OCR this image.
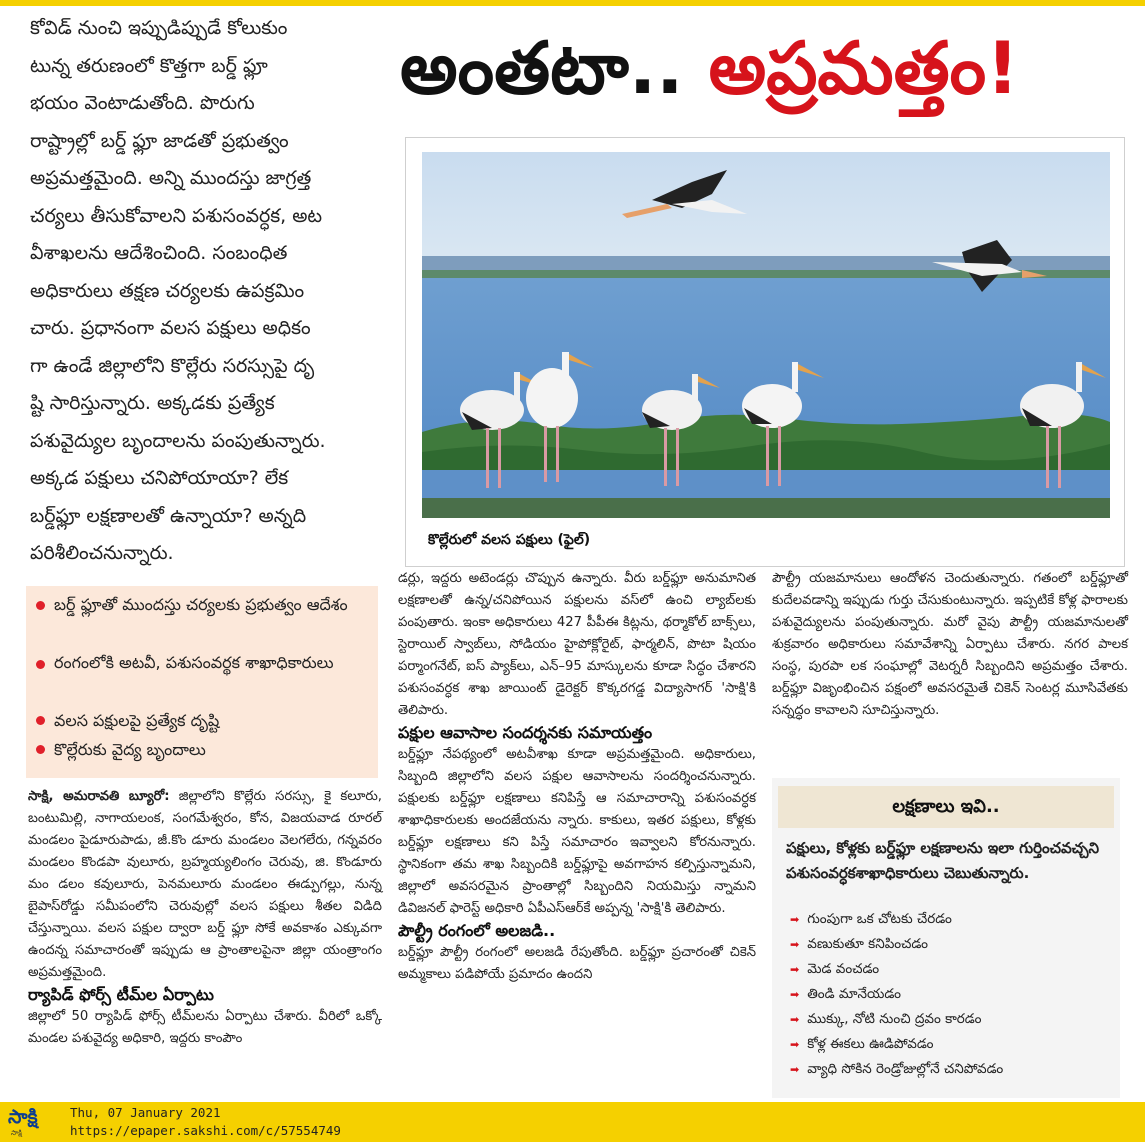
కోవిడ్ నుంచి ఇప్పుడిప్పుడే కోలుకుం
టున్న తరుణంలో కొత్తగా బర్డ్ ఫ్లూ
భయం వెంటాడుతోంది. పొరుగు
రాష్ట్రాల్లో బర్డ్ ఫ్లూ జాడతో ప్రభుత్వం
అప్రమత్తమైంది. అన్ని ముందస్తు జాగ్రత్త
చర్యలు తీసుకోవాలని పశుసంవర్ధక, అట
వీశాఖలను ఆదేశించింది. సంబంధిత
అధికారులు తక్షణ చర్యలకు ఉపక్రమిం
చారు. ప్రధానంగా వలస పక్షులు అధికం
గా ఉండే జిల్లాలోని కొల్లేరు సరస్సుపై దృ
ష్టి సారిస్తున్నారు. అక్కడకు ప్రత్యేక
పశువైద్యుల బృందాలను పంపుతున్నారు.
అక్కడ పక్షులు చనిపోయాయా? లేక
బర్డ్‌ఫ్లూ లక్షణాలతో ఉన్నాయా? అన్నది
పరిశీలించనున్నారు.
అంతటా.. అప్రమత్తం!
కొల్లేరులో వలస పక్షులు (ఫైల్)
బర్డ్ ఫ్లూతో ముందస్తు చర్యలకు ప్రభుత్వం ఆదేశం
రంగంలోకి అటవీ, పశుసంవర్థక శాఖాధికారులు
వలస పక్షులపై ప్రత్యేక దృష్టి
కొల్లేరుకు వైద్య బృందాలు

సాక్షి, అమరావతి బ్యూరో: జిల్లాలోని కొల్లేరు సరస్సు, కై కలూరు, బంటుమిల్లి, నాగాయలంక, సంగమేశ్వరం, కోన, విజయవాడ రూరల్ మండలం పైడూరుపాడు, జీ.కొం డూరు మండలం వెలగలేరు, గన్నవరం మండలం కొండపా వులూరు, బ్రహ్మయ్యలింగం చెరువు, జి. కొండూరు మం డలం కవులూరు, పెనమలూరు మండలం ఈడ్పుగల్లు, నున్న బైపాస్‌రోడ్డు సమీపంలోని చెరువుల్లో వలస పక్షులు శీతల విడిది చేస్తున్నాయి. వలస పక్షుల ద్వారా బర్డ్ ఫ్లూ సోకే అవకాశం ఎక్కువగా ఉందన్న సమాచారంతో ఇప్పుడు ఆ ప్రాంతాలపైనా జిల్లా యంత్రాంగం అప్రమత్తమైంది.

ర్యాపిడ్ ఫోర్స్ టీమ్‌ల ఏర్పాటు

జిల్లాలో 50 ర్యాపిడ్ ఫోర్స్ టీమ్‌లను ఏర్పాటు చేశారు. వీరిలో ఒక్కో మండల పశువైద్య అధికారి, ఇద్దరు కాంపౌం

డర్లు, ఇద్దరు అటెండర్లు చొప్పున ఉన్నారు. వీరు బర్డ్‌ఫ్లూ అనుమానిత లక్షణాలతో ఉన్న/చనిపోయిన పక్షులను వస్‌లో ఉంచి ల్యాబ్‌లకు పంపుతారు. ఇంకా అధికారులు 427 పీపీఈ కిట్లను, థర్మాకోల్ బాక్స్‌లు, స్టెరాయిల్ స్వాబ్‌లు, సోడియం హైపోక్లోరైట్, ఫార్మలిన్, పొటా షియం పర్మాంగనేట్, ఐస్ ప్యాక్‌లు, ఎన్–95 మాస్కులను కూడా సిద్ధం చేశారని పశుసంవర్ధక శాఖ జాయింట్ డైరెక్టర్ కొక్కరగడ్డ విద్యాసాగర్ 'సాక్షి'కి తెలిపారు.

పక్షుల ఆవాసాల సందర్శనకు సమాయత్తం

బర్డ్‌ఫ్లూ నేపథ్యంలో అటవీశాఖ కూడా అప్రమత్తమైంది. అధికారులు, సిబ్బంది జిల్లాలోని వలస పక్షుల ఆవాసాలను సందర్శించనున్నారు. పక్షులకు బర్డ్‌ఫ్లూ లక్షణాలు కనిపిస్తే ఆ సమాచారాన్ని పశుసంవర్ధక శాఖాధికారులకు అందజేయను న్నారు. కాకులు, ఇతర పక్షులు, కోళ్లకు బర్డ్‌ఫ్లూ లక్షణాలు కని పిస్తే సమాచారం ఇవ్వాలని కోరనున్నారు. స్థానికంగా తమ శాఖ సిబ్బందికి బర్డ్‌ఫ్లూపై అవగాహన కల్పిస్తున్నామని, జిల్లాలో అవసరమైన ప్రాంతాల్లో సిబ్బందిని నియమిస్తు న్నామని డివిజనల్ ఫారెస్ట్ అధికారి ఏపీఎస్ఆర్‌కే అప్పన్న 'సాక్షి'కి తెలిపారు.

పౌల్ట్రీ రంగంలో అలజడి..

బర్డ్‌ఫ్లూ పౌల్ట్రీ రంగంలో అలజడి రేపుతోంది. బర్డ్‌ఫ్లూ ప్రచారంతో చికెన్ అమ్మకాలు పడిపోయే ప్రమాదం ఉందని

పౌల్ట్రీ యజమానులు ఆందోళన చెందుతున్నారు. గతంలో బర్డ్‌ఫ్లూతో కుదేలవడాన్ని ఇప్పుడు గుర్తు చేసుకుంటున్నారు. ఇప్పటికే కోళ్ల ఫారాలకు పశువైద్యులను పంపుతున్నారు. మరో వైపు పౌల్ట్రీ యజమానులతో శుక్రవారం అధికారులు సమావేశాన్ని ఏర్పాటు చేశారు. నగర పాలక సంస్థ, పురపా లక సంఘాల్లో వెటర్నరీ సిబ్బందిని అప్రమత్తం చేశారు. బర్డ్‌ఫ్లూ విజృంభించిన పక్షంలో అవసరమైతే చికెన్ సెంటర్ల మూసివేతకు సన్నద్ధం కావాలని సూచిస్తున్నారు.

లక్షణాలు ఇవి..
పక్షులు, కోళ్లకు బర్డ్‌ఫ్లూ లక్షణాలను ఇలా గుర్తించవచ్చని పశుసంవర్ధకశాఖాధికారులు చెబుతున్నారు.
➡ గుంపుగా ఒక చోటకు చేరడం
➡ వణుకుతూ కనిపించడం
➡ మెడ వంచడం
➡ తిండి మానేయడం
➡ ముక్కు, నోటి నుంచి ద్రవం కారడం
➡ కోళ్ల ఈకలు ఊడిపోవడం
➡ వ్యాధి సోకిన రెండ్రోజుల్లోనే చనిపోవడం
సాక్షి
సాక్షి
Thu, 07 January 2021
https://epaper.sakshi.com/c/57554749
